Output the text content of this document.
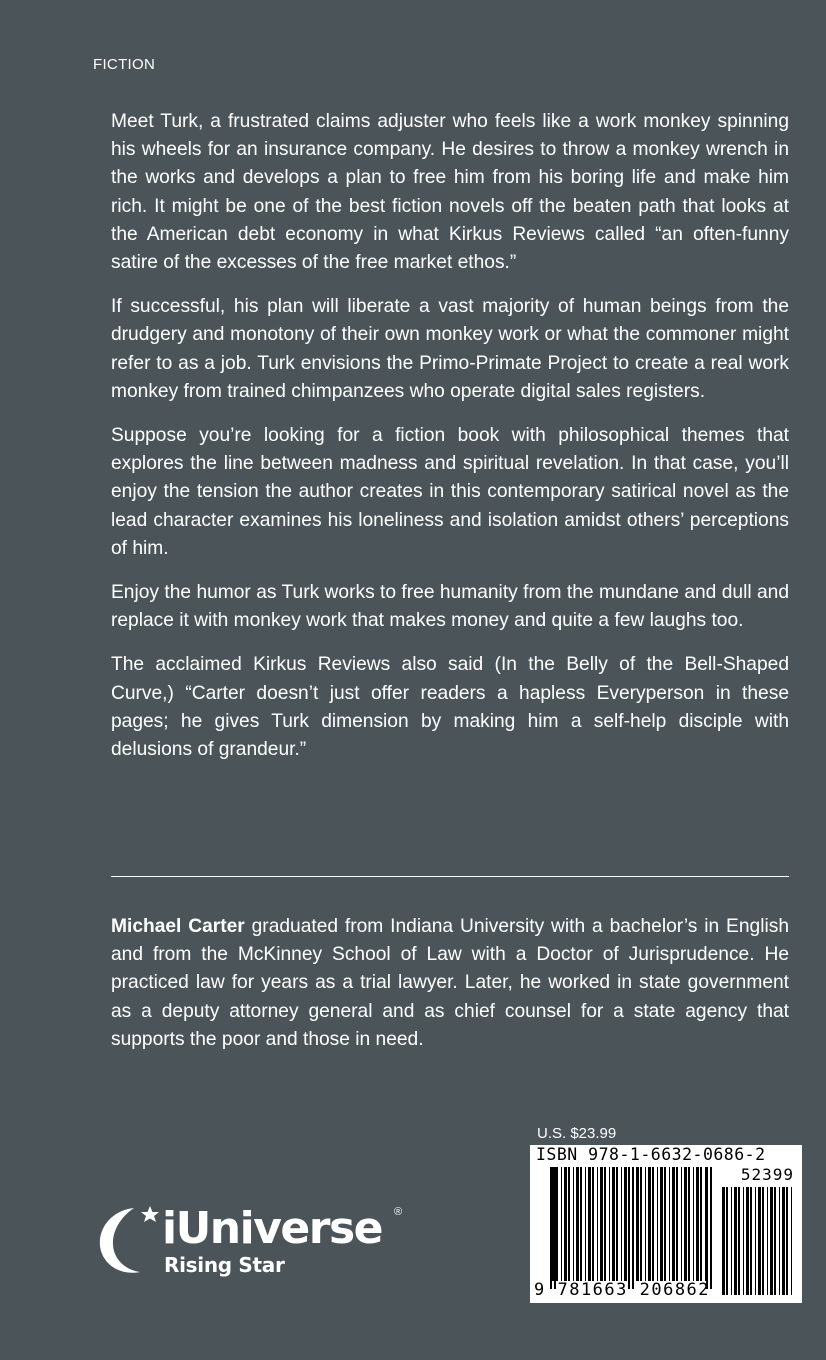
FICTION

Meet Turk, a frustrated claims adjuster who feels like a work monkey spinning his wheels for an insurance company. He desires to throw a monkey wrench in the works and develops a plan to free him from his boring life and make him rich. It might be one of the best fiction novels off the beaten path that looks at the American debt economy in what Kirkus Reviews called “an often-funny satire of the excesses of the free market ethos.”

If successful, his plan will liberate a vast majority of human beings from the drudgery and monotony of their own monkey work or what the commoner might refer to as a job. Turk envisions the Primo-Primate Project to create a real work monkey from trained chimpanzees who operate digital sales registers.

Suppose you’re looking for a fiction book with philosophical themes that explores the line between madness and spiritual revelation. In that case, you’ll enjoy the tension the author creates in this contemporary satirical novel as the lead character examines his loneliness and isolation amidst others’ perceptions of him.

Enjoy the humor as Turk works to free humanity from the mundane and dull and replace it with monkey work that makes money and quite a few laughs too.

The acclaimed Kirkus Reviews also said (In the Belly of the Bell-Shaped Curve,) “Carter doesn’t just offer readers a hapless Everyperson in these pages; he gives Turk dimension by making him a self-help disciple with delusions of grandeur.”

Michael Carter graduated from Indiana University with a bachelor’s in English and from the McKinney School of Law with a Doctor of Jurisprudence. He practiced law for years as a trial lawyer. Later, he worked in state government as a deputy attorney general and as chief counsel for a state agency that supports the poor and those in need.

U.S. $23.99
ISBN 978-1-6632-0686-2
52399
9 781663 206862
iUniverse ®
Rising Star
